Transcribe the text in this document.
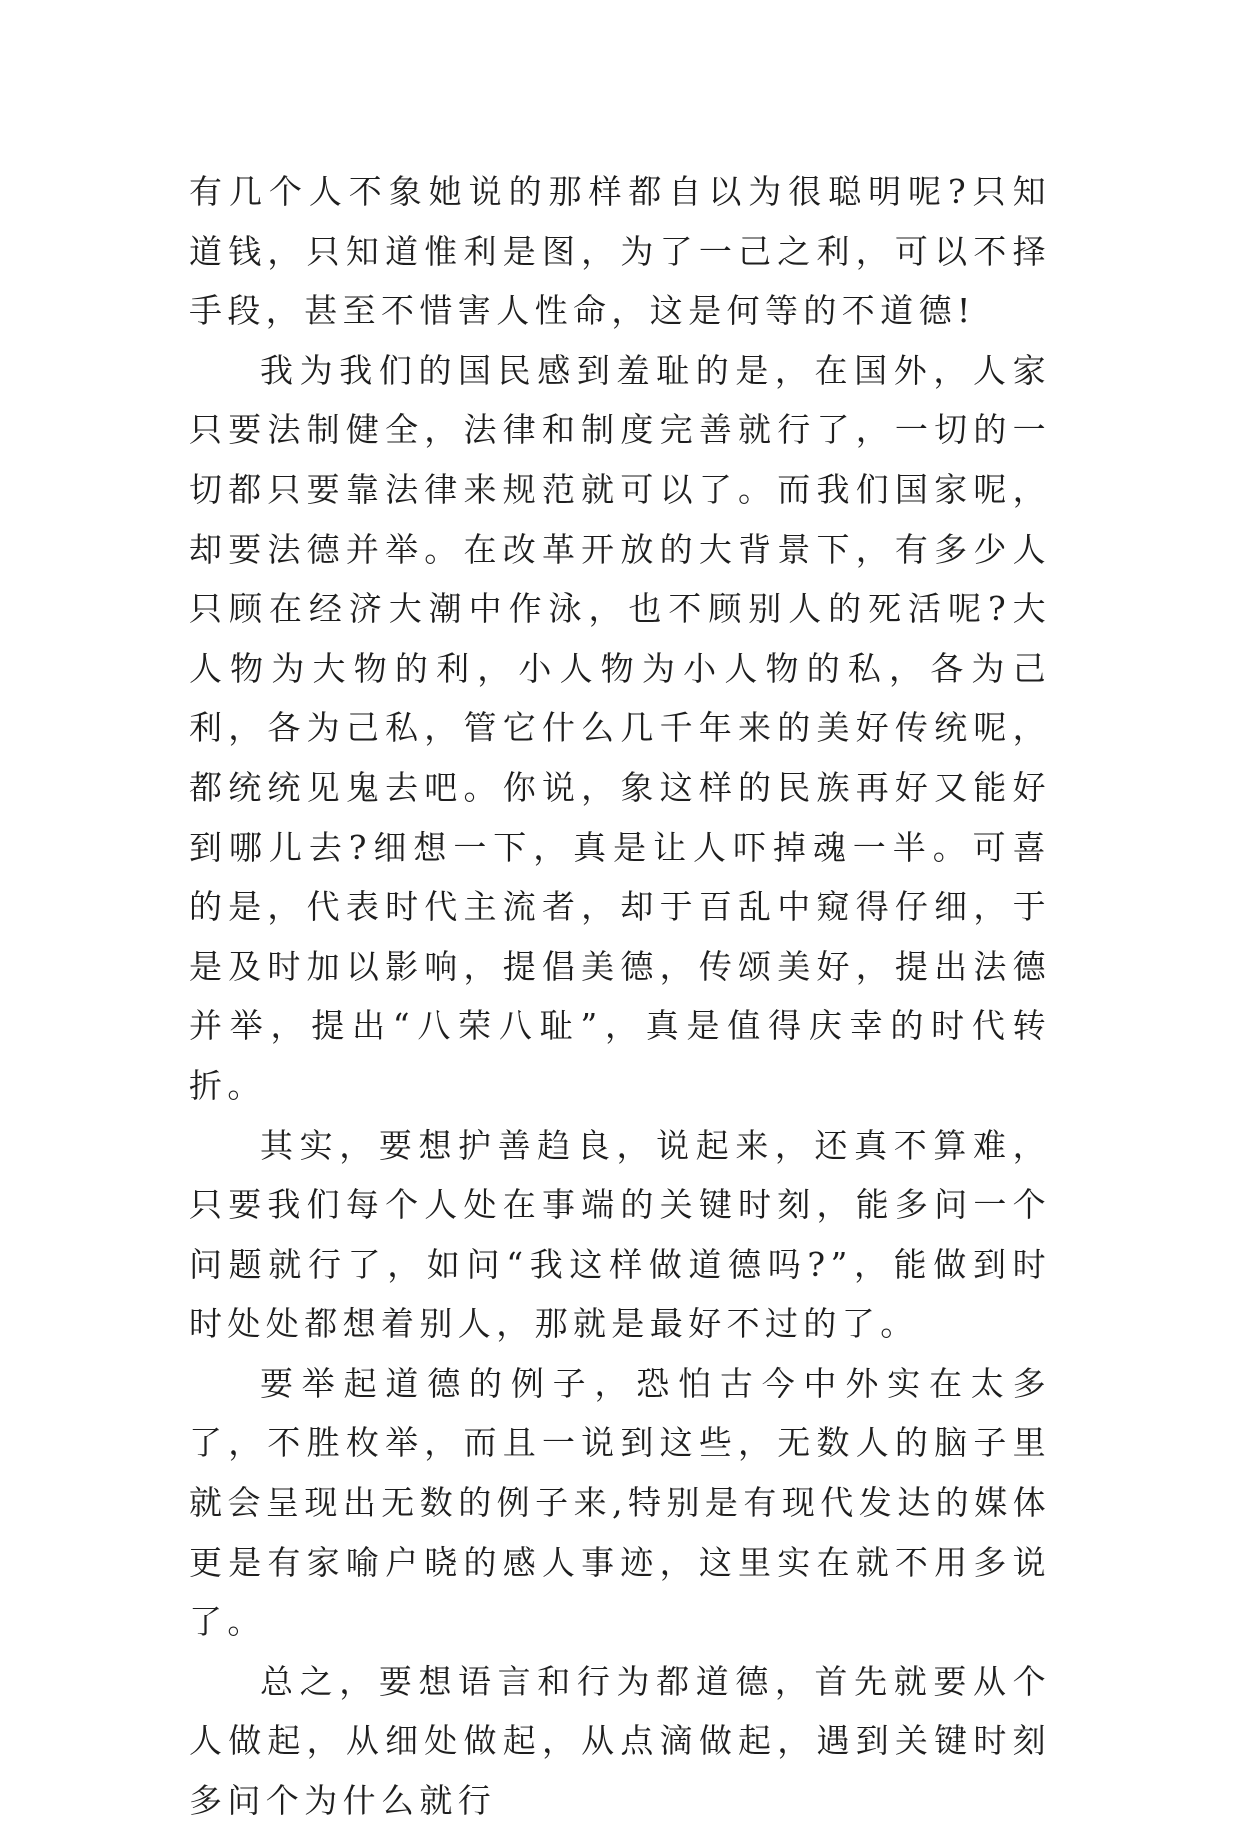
有几个人不象她说的那样都自以为很聪明呢?只知道钱，只知道惟利是图，为了一己之利，可以不择手段，甚至不惜害人性命，这是何等的不道德!

我为我们的国民感到羞耻的是，在国外，人家只要法制健全，法律和制度完善就行了，一切的一切都只要靠法律来规范就可以了。而我们国家呢，却要法德并举。在改革开放的大背景下，有多少人只顾在经济大潮中作泳，也不顾别人的死活呢?大人物为大物的利，小人物为小人物的私，各为己利，各为己私，管它什么几千年来的美好传统呢，都统统见鬼去吧。你说，象这样的民族再好又能好到哪儿去?细想一下，真是让人吓掉魂一半。可喜的是，代表时代主流者，却于百乱中窥得仔细，于是及时加以影响，提倡美德，传颂美好，提出法德并举，提出“八荣八耻”，真是值得庆幸的时代转折。

其实，要想护善趋良，说起来，还真不算难，只要我们每个人处在事端的关键时刻，能多问一个问题就行了，如问“我这样做道德吗?”，能做到时时处处都想着别人，那就是最好不过的了。

要举起道德的例子，恐怕古今中外实在太多了，不胜枚举，而且一说到这些，无数人的脑子里就会呈现出无数的例子来,特别是有现代发达的媒体更是有家喻户晓的感人事迹，这里实在就不用多说了。

总之，要想语言和行为都道德，首先就要从个人做起，从细处做起，从点滴做起，遇到关键时刻多问个为什么就行
